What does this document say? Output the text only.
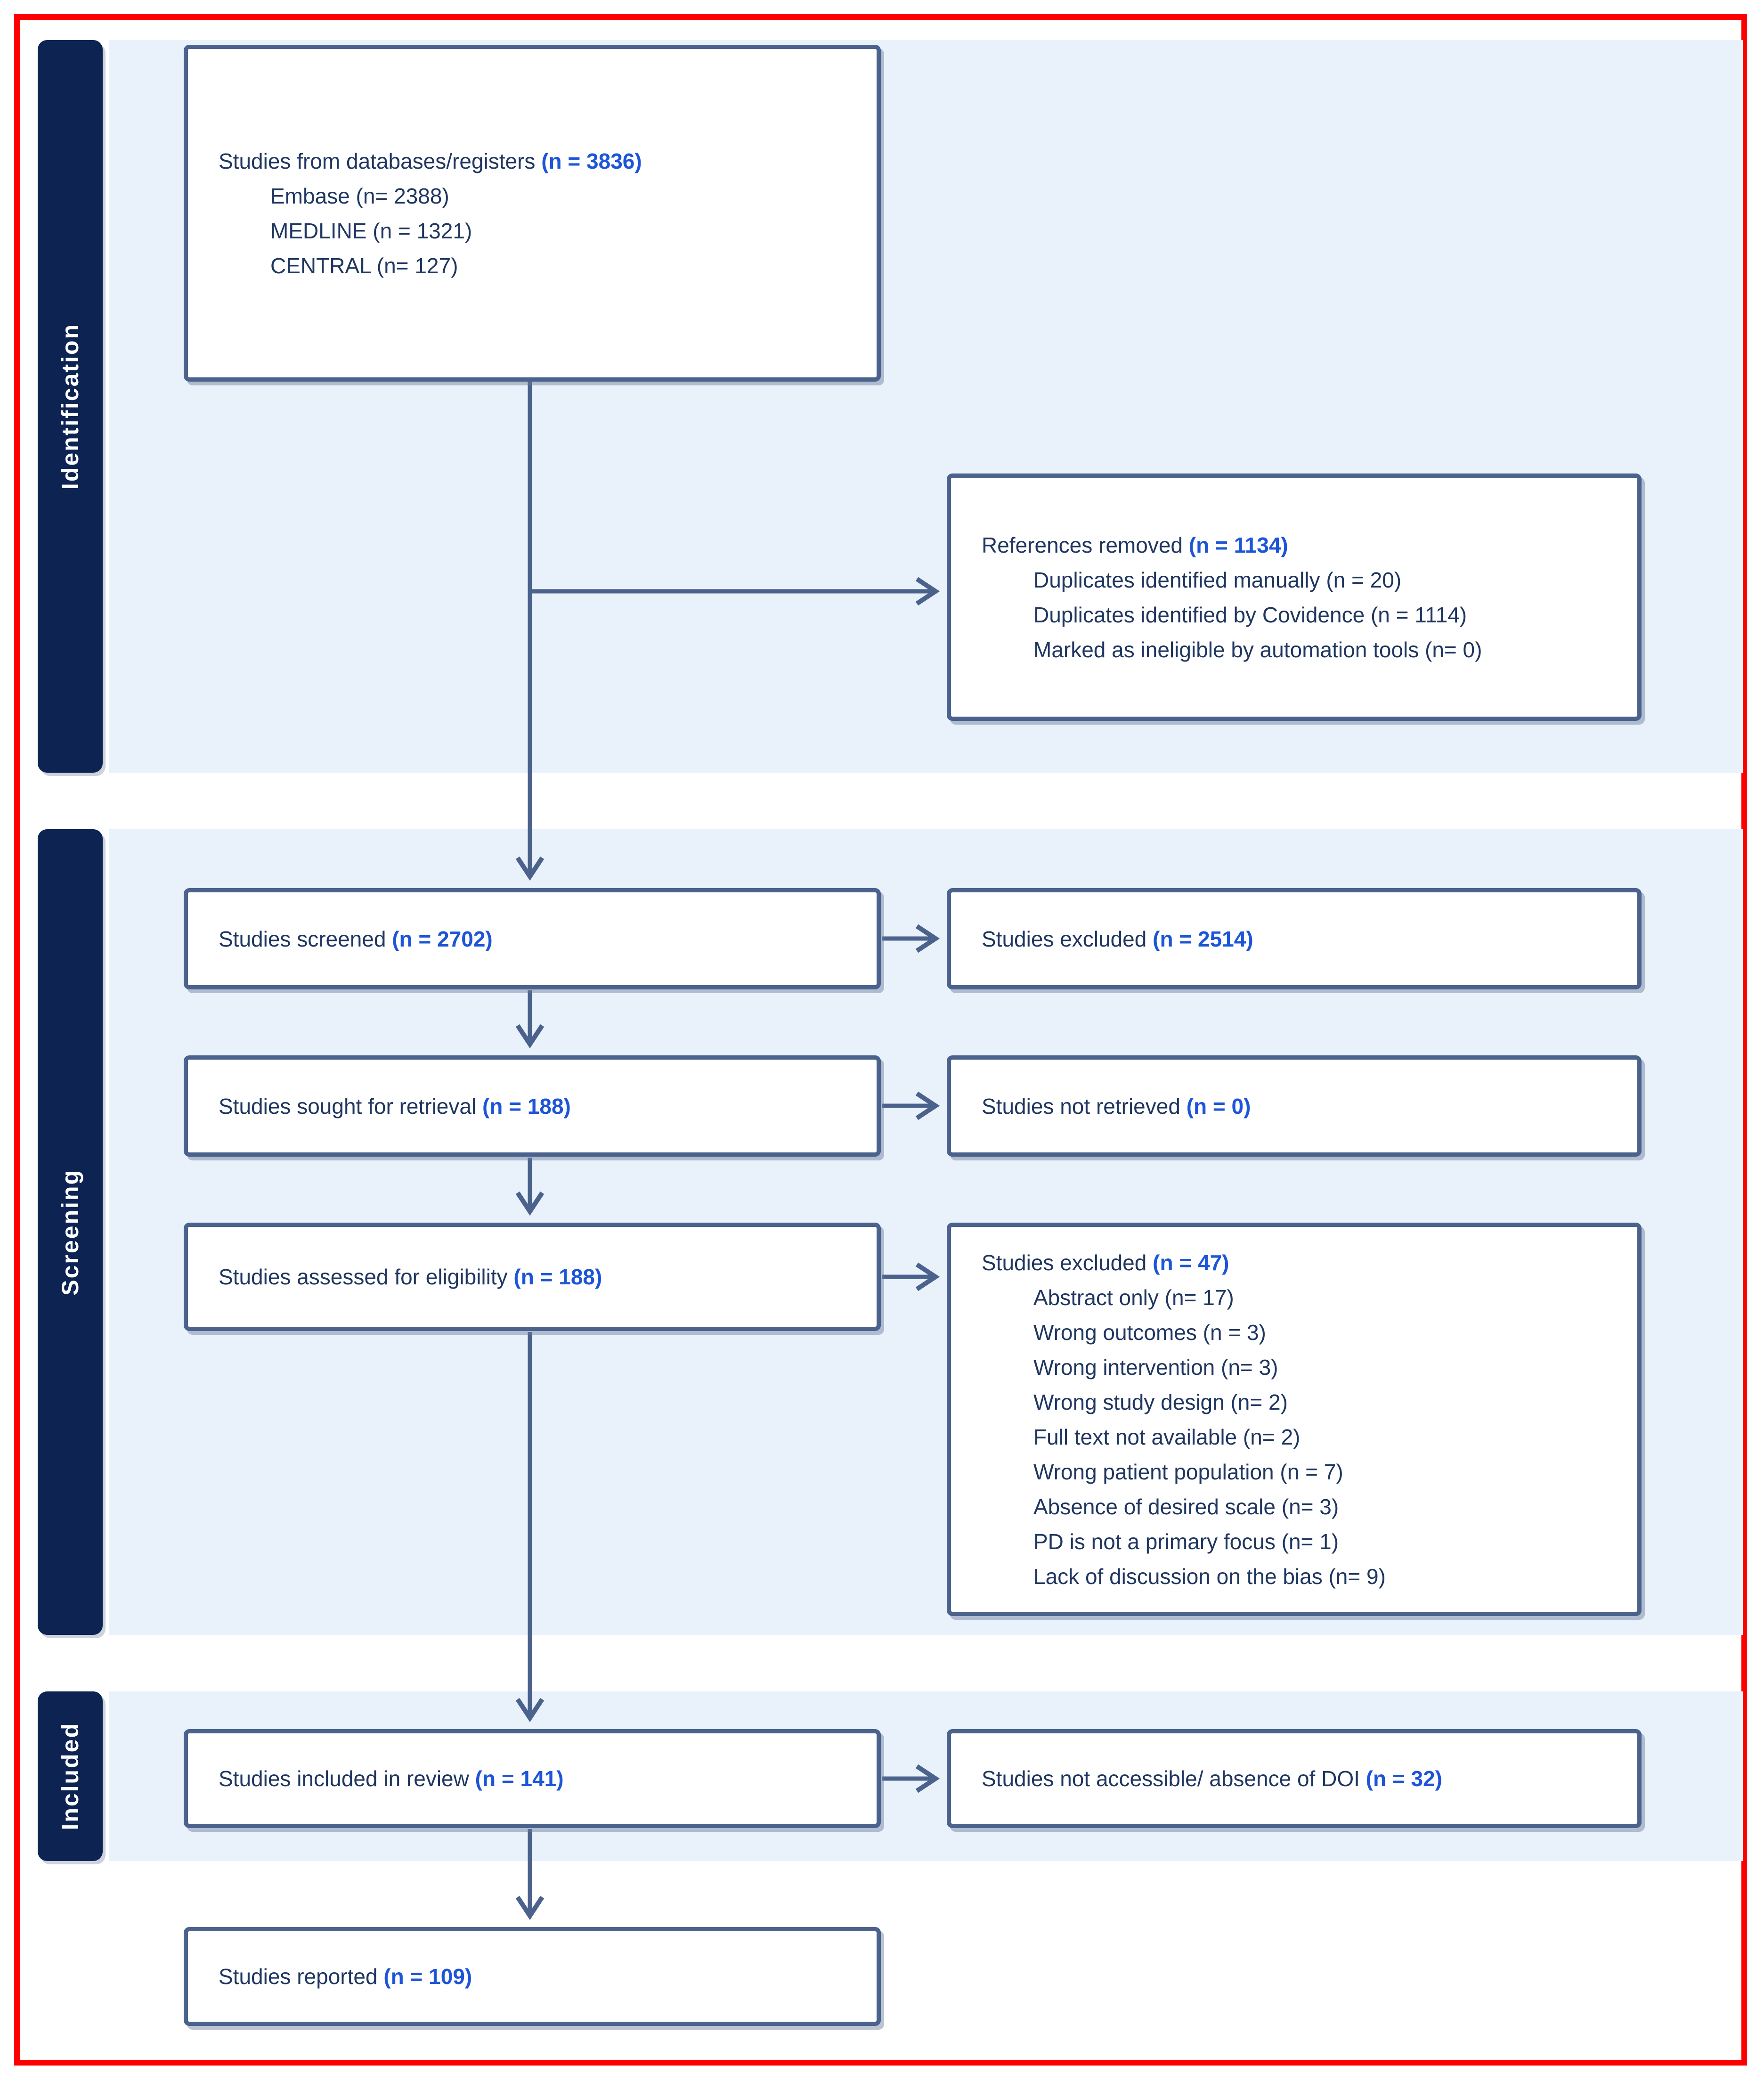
Identification
Screening
Included
Studies from databases/registers (n = 3836)
Embase (n= 2388)
MEDLINE (n = 1321)
CENTRAL (n= 127)
References removed (n = 1134)
Duplicates identified manually (n = 20)
Duplicates identified by Covidence (n = 1114)
Marked as ineligible by automation tools (n= 0)
Studies screened (n = 2702)	Studies excluded (n = 2514)
Studies sought for retrieval (n = 188)	Studies not retrieved (n = 0)
Studies assessed for eligibility (n = 188)
Studies excluded (n = 47)
Abstract only (n= 17)
Wrong outcomes (n = 3)
Wrong intervention (n= 3)
Wrong study design (n= 2)
Full text not available (n= 2)
Wrong patient population (n = 7)
Absence of desired scale (n= 3)
PD is not a primary focus (n= 1)
Lack of discussion on the bias (n= 9)
Studies included in review (n = 141)	Studies not accessible/ absence of DOI (n = 32)
Studies reported (n = 109)
